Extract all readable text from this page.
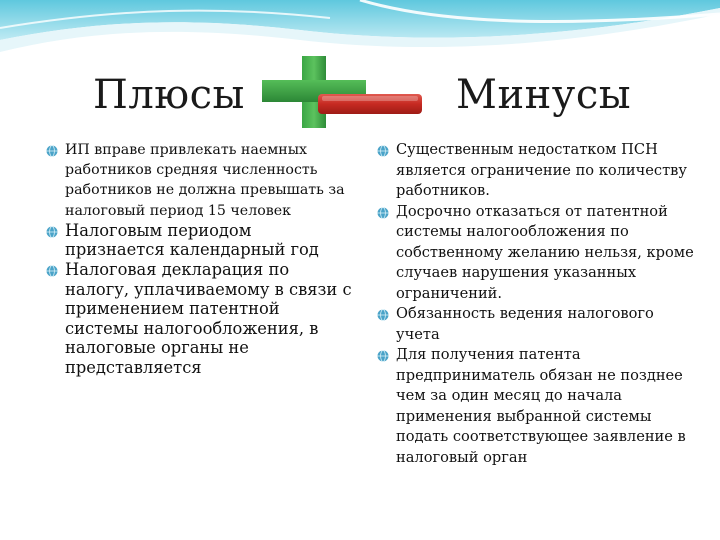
Плюсы	Минусы
ИП вправе привлекать наемных работников средняя численность работников не должна превышать за налоговый период 15 человек
Налоговым периодом признается календарный год
Налоговая декларация по налогу, уплачиваемому в связи с применением патентной системы налогообложения, в налоговые органы не представляется
Существенным недостатком ПСН является ограничение по количеству работников.
Досрочно отказаться от патентной системы налогообложения по собственному желанию нельзя, кроме случаев нарушения указанных ограничений.
Обязанность ведения налогового учета
Для получения патента предприниматель обязан не позднее чем за один месяц до начала применения выбранной системы подать соответствующее заявление в налоговый орган
